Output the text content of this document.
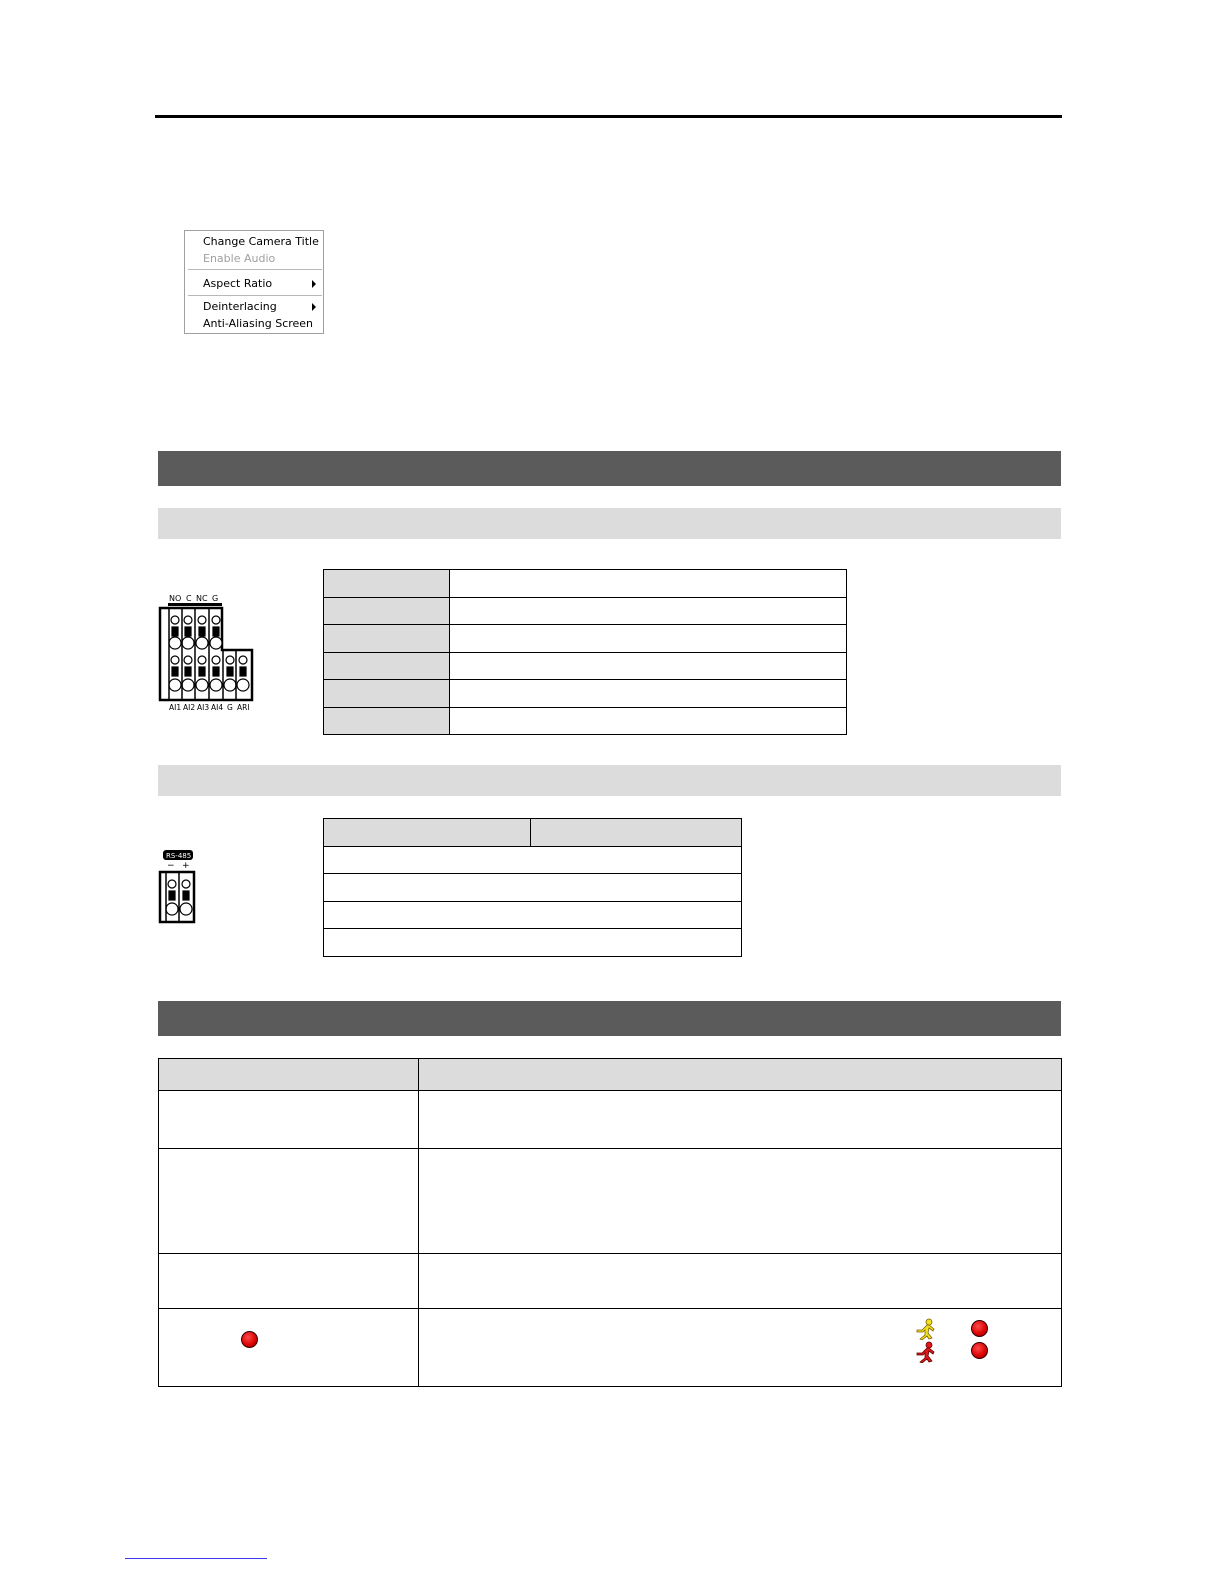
Change Camera Title
Enable Audio
Aspect Ratio
Deinterlacing
Anti-Aliasing Screen
NO C NC G
AI1 AI2 AI3 AI4 G ARI

RS-485
− +
